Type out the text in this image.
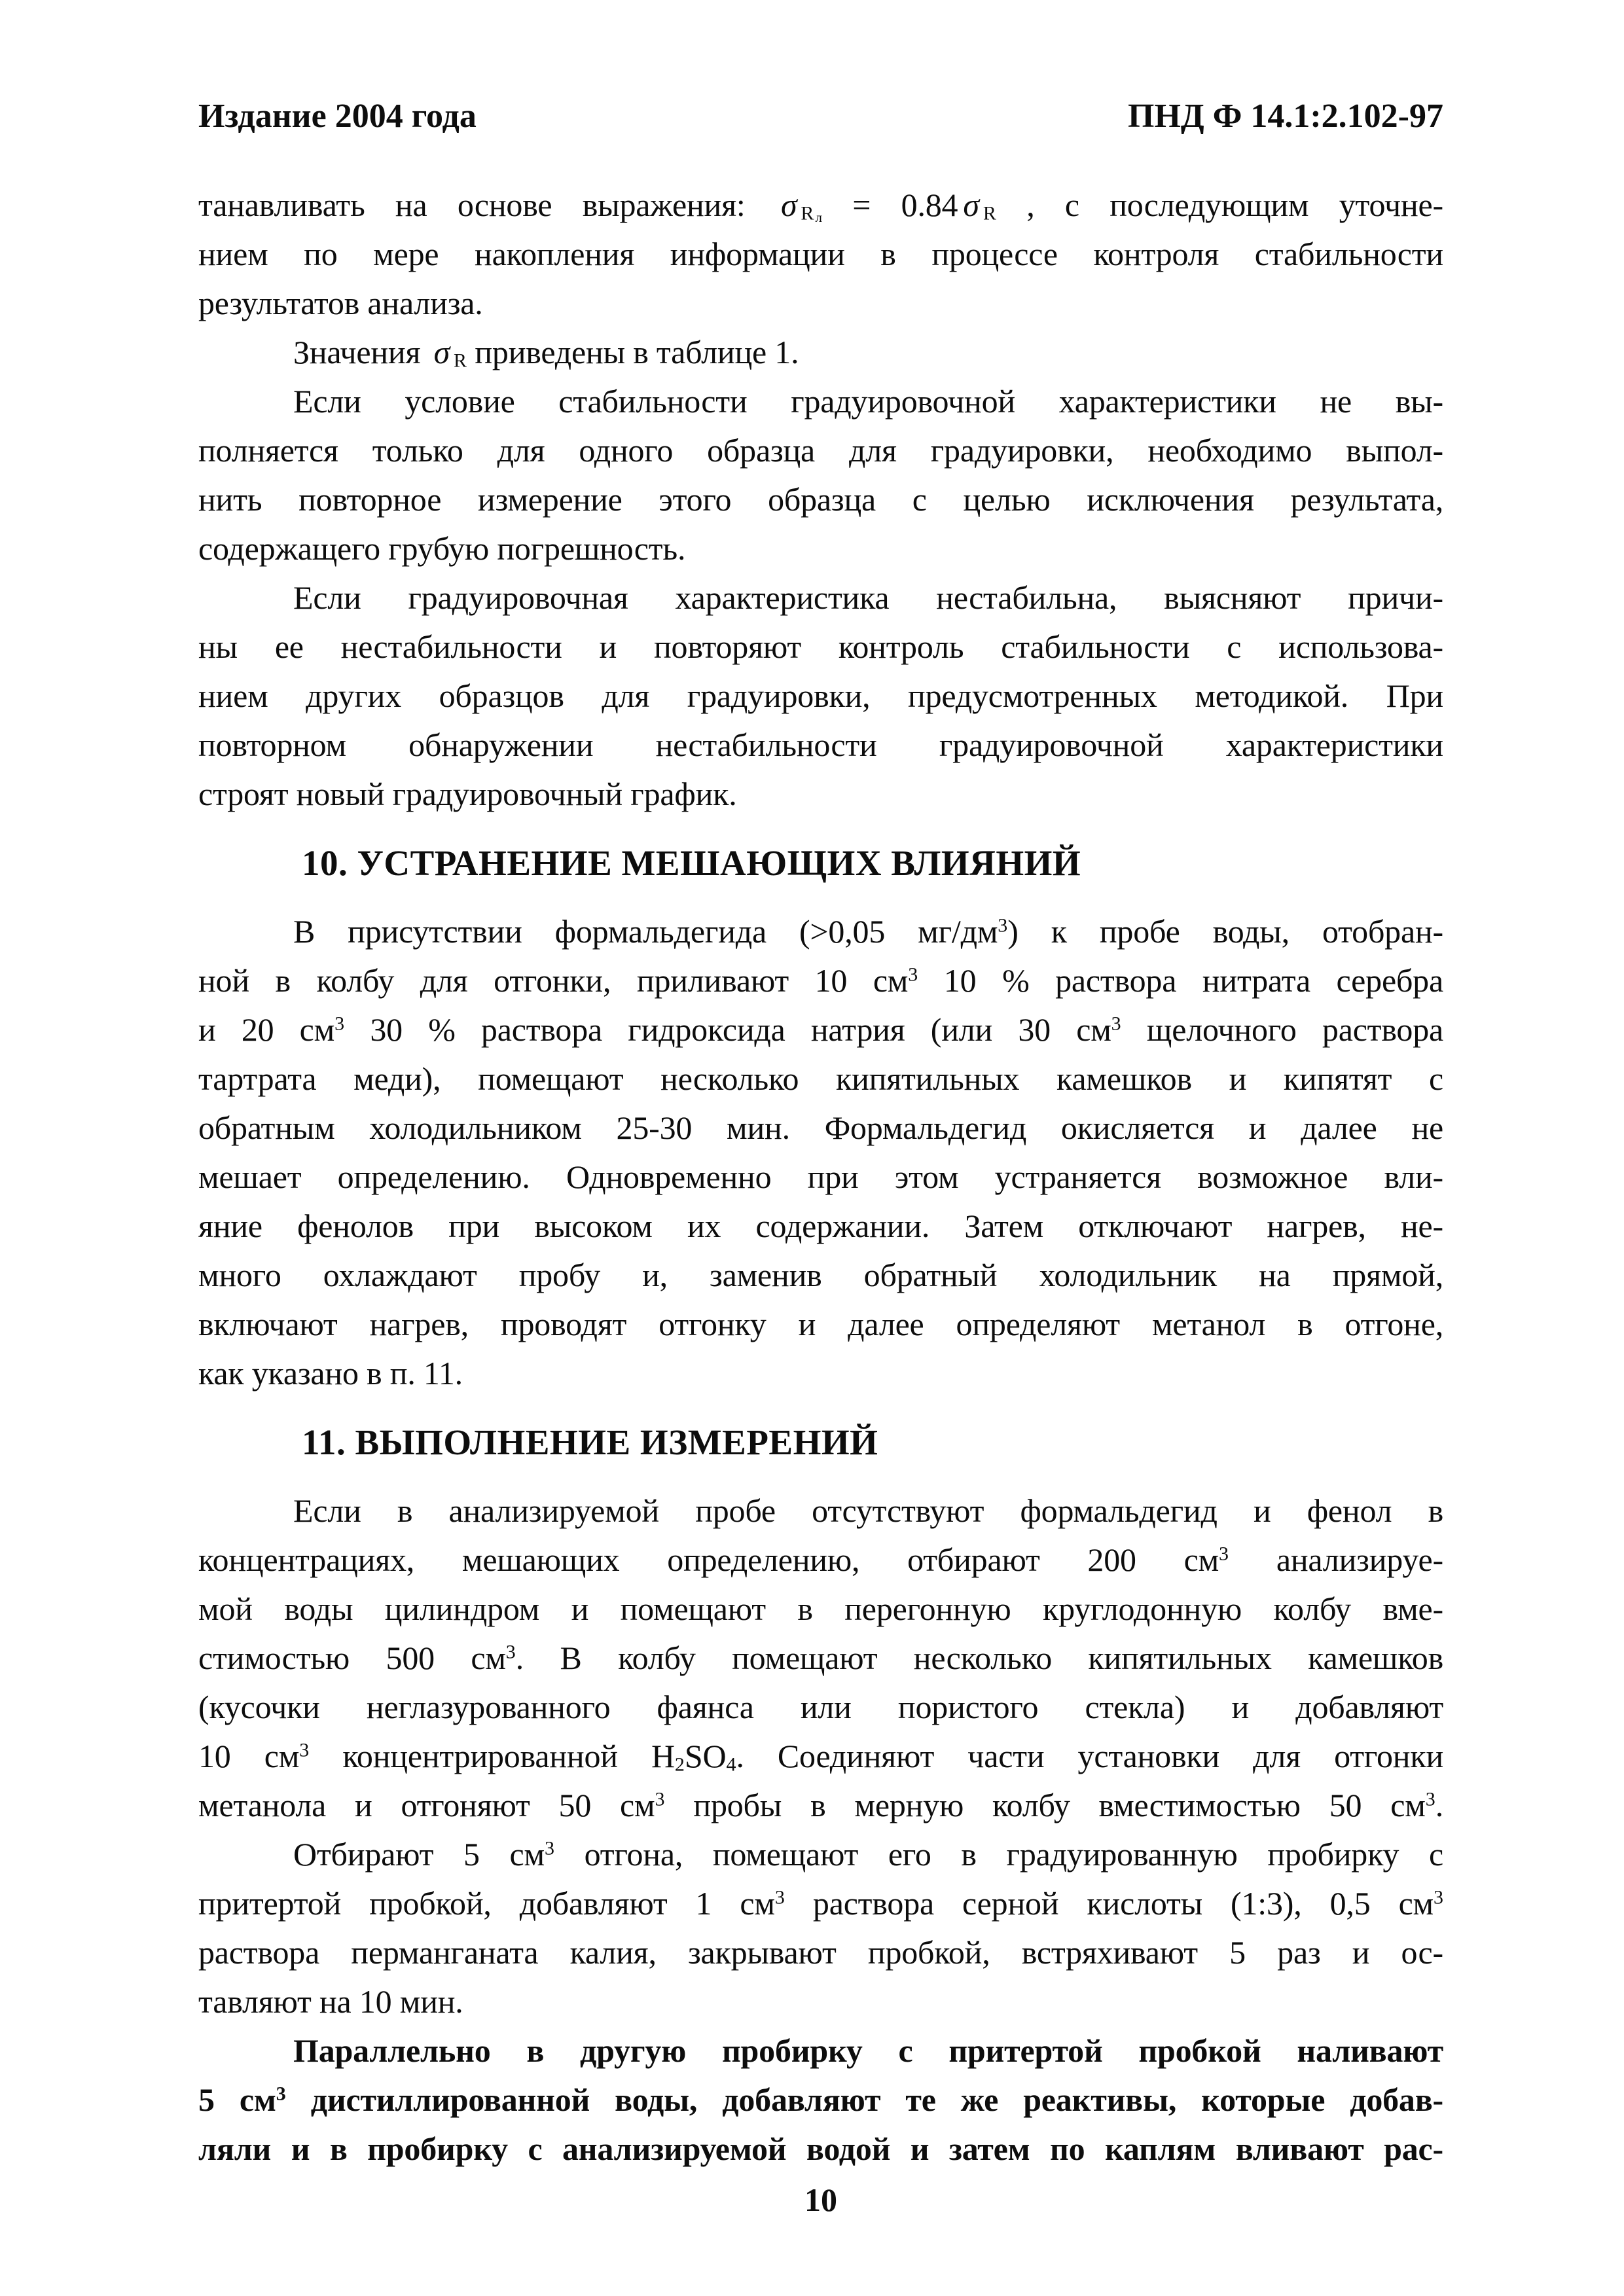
Издание 2004 года	ПНД Ф 14.1:2.102-97
танавливать на основе выражения: σ Rл = 0.84 σ R , с последующим уточне-
нием по мере накопления информации в процессе контроля стабильности
результатов анализа.
Значения σ R приведены в таблице 1.
Если условие стабильности градуировочной характеристики не вы-
полняется только для одного образца для градуировки, необходимо выпол-
нить повторное измерение этого образца с целью исключения результата,
содержащего грубую погрешность.
Если градуировочная характеристика нестабильна, выясняют причи-
ны ее нестабильности и повторяют контроль стабильности с использова-
нием других образцов для градуировки, предусмотренных методикой. При
повторном обнаружении нестабильности градуировочной характеристики
строят новый градуировочный график.
10. УСТРАНЕНИЕ МЕШАЮЩИХ ВЛИЯНИЙ
В присутствии формальдегида (>0,05 $мг/дм^3$) к пробе воды, отобран-
ной в колбу для отгонки, приливают 10 $см^3$ 10 % раствора нитрата серебра
и 20 $см^3$ 30 % раствора гидроксида натрия (или 30 $см^3$ щелочного раствора
тартрата меди), помещают несколько кипятильных камешков и кипятят с
обратным холодильником 25-30 мин. Формальдегид окисляется и далее не
мешает определению. Одновременно при этом устраняется возможное вли-
яние фенолов при высоком их содержании. Затем отключают нагрев, не-
много охлаждают пробу и, заменив обратный холодильник на прямой,
включают нагрев, проводят отгонку и далее определяют метанол в отгоне,
как указано в п. 11.
11. ВЫПОЛНЕНИЕ ИЗМЕРЕНИЙ
Если в анализируемой пробе отсутствуют формальдегид и фенол в
концентрациях, мешающих определению, отбирают 200 $см^3$ анализируе-
мой воды цилиндром и помещают в перегонную круглодонную колбу вме-
стимостью 500 $см^3$. В колбу помещают несколько кипятильных камешков
(кусочки неглазурованного фаянса или пористого стекла) и добавляют
10 $см^3$ концентрированной H2SO4. Соединяют части установки для отгонки
метанола и отгоняют 50 $см^3$ пробы в мерную колбу вместимостью 50 $см^3$.
Отбирают 5 $см^3$ отгона, помещают его в градуированную пробирку с
притертой пробкой, добавляют 1 $см^3$ раствора серной кислоты (1:3), 0,5 $см^3$
раствора перманганата калия, закрывают пробкой, встряхивают 5 раз и ос-
тавляют на 10 мин.
Параллельно в другую пробирку с притертой пробкой наливают
5 $см^3$ дистиллированной воды, добавляют те же реактивы, которые добав-
ляли и в пробирку с анализируемой водой и затем по каплям вливают рас-
10
